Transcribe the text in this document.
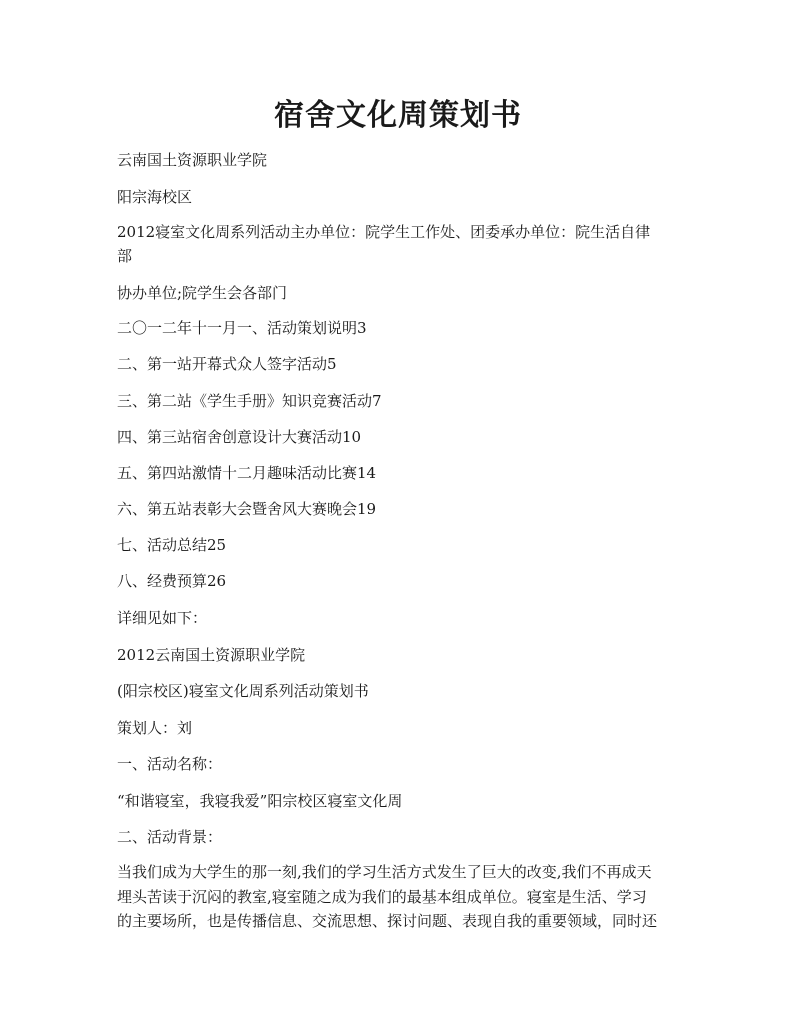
宿舍文化周策划书
云南国土资源职业学院
阳宗海校区
2012寝室文化周系列活动主办单位：院学生工作处、团委承办单位：院生活自律
部
协办单位;院学生会各部门
二〇一二年十一月一、活动策划说明3
二、第一站开幕式众人签字活动5
三、第二站《学生手册》知识竞赛活动7
四、第三站宿舍创意设计大赛活动10
五、第四站激情十二月趣味活动比赛14
六、第五站表彰大会暨舍风大赛晚会19
七、活动总结25
八、经费预算26
详细见如下：
2012云南国土资源职业学院
(阳宗校区)寝室文化周系列活动策划书
策划人：刘
一、活动名称：
“和谐寝室，我寝我爱”阳宗校区寝室文化周
二、活动背景：
当我们成为大学生的那一刻,我们的学习生活方式发生了巨大的改变,我们不再成天
埋头苦读于沉闷的教室,寝室随之成为我们的最基本组成单位。寝室是生活、学习
的主要场所，也是传播信息、交流思想、探讨问题、表现自我的重要领域，同时还
